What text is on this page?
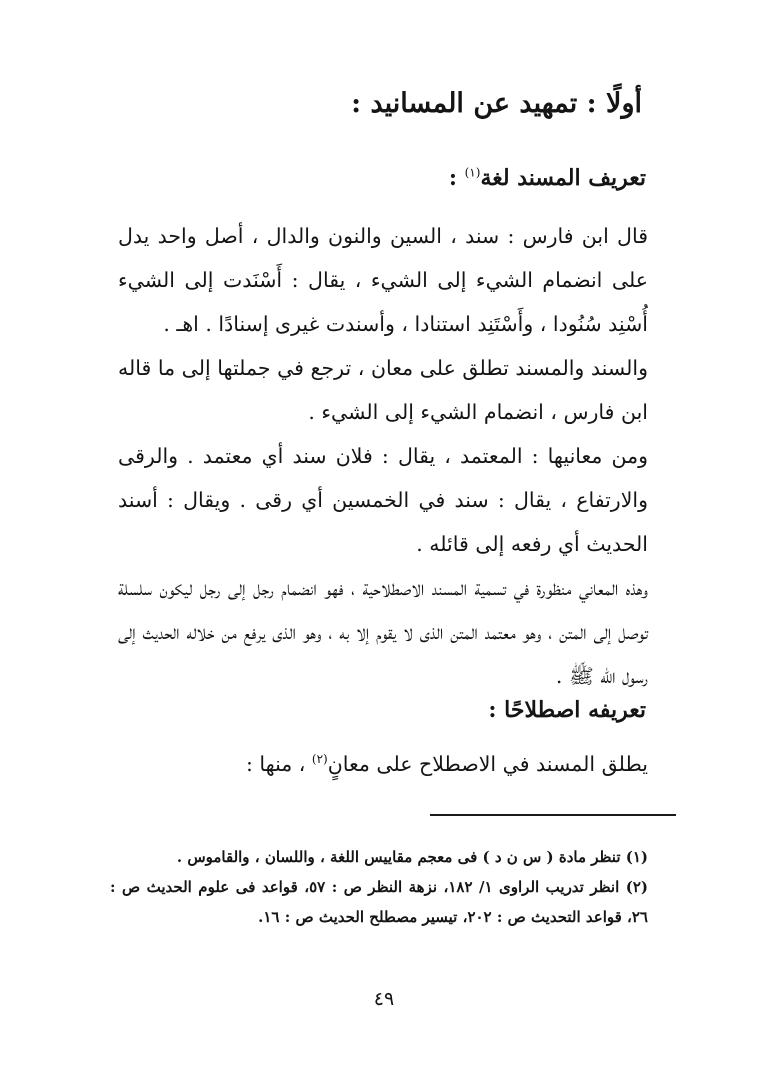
أولًا : تمهيد عن المسانيد :
تعريف المسند لغة$^{(١)}$ :

قال ابن فارس : سند ، السين والنون والدال ، أصل واحد يدل على انضمام الشيء إلى الشيء ، يقال : أَسْنَدت إلى الشيء أُسْنِد سُنُودا ، وأَسْتَنِد استنادا ، وأسندت غيرى إسنادًا . اهـ .

والسند والمسند تطلق على معان ، ترجع في جملتها إلى ما قاله ابن فارس ، انضمام الشيء إلى الشيء .

ومن معانيها : المعتمد ، يقال : فلان سند أي معتمد . والرقى والارتفاع ، يقال : سند في الخمسين أي رقى . ويقال : أسند الحديث أي رفعه إلى قائله .

وهذه المعاني منظورة في تسمية المسند الاصطلاحية ، فهو انضمام رجل إلى رجل ليكون سلسلة توصل إلى المتن ، وهو معتمد المتن الذى لا يقوم إلا به ، وهو الذى يرفع من خلاله الحديث إلى رسول الله ﷺ .

تعريفه اصطلاحًا :

يطلق المسند في الاصطلاح على معانٍ$^{(٢)}$ ، منها :

(١) تنظر مادة ( س ن د ) فى معجم مقاييس اللغة ، واللسان ، والقاموس .
(٢) انظر تدريب الراوى ١/ ١٨٢، نزهة النظر ص : ٥٧، قواعد فى علوم الحديث ص : ٢٦، قواعد التحديث ص : ٢٠٢، تيسير مصطلح الحديث ص : ١٦.
٤٩
